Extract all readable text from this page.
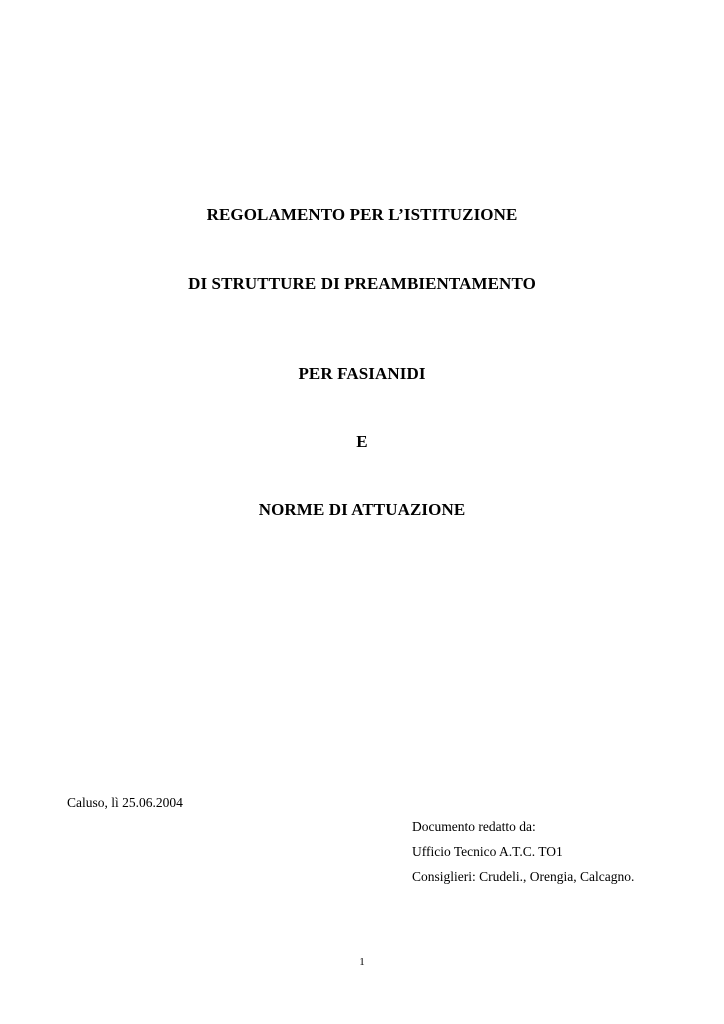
REGOLAMENTO PER L’ISTITUZIONE
DI STRUTTURE DI PREAMBIENTAMENTO
PER FASIANIDI
E
NORME DI ATTUAZIONE
Caluso, lì 25.06.2004
Documento redatto da:
Ufficio Tecnico A.T.C. TO1
Consiglieri: Crudeli., Orengia, Calcagno.
1
